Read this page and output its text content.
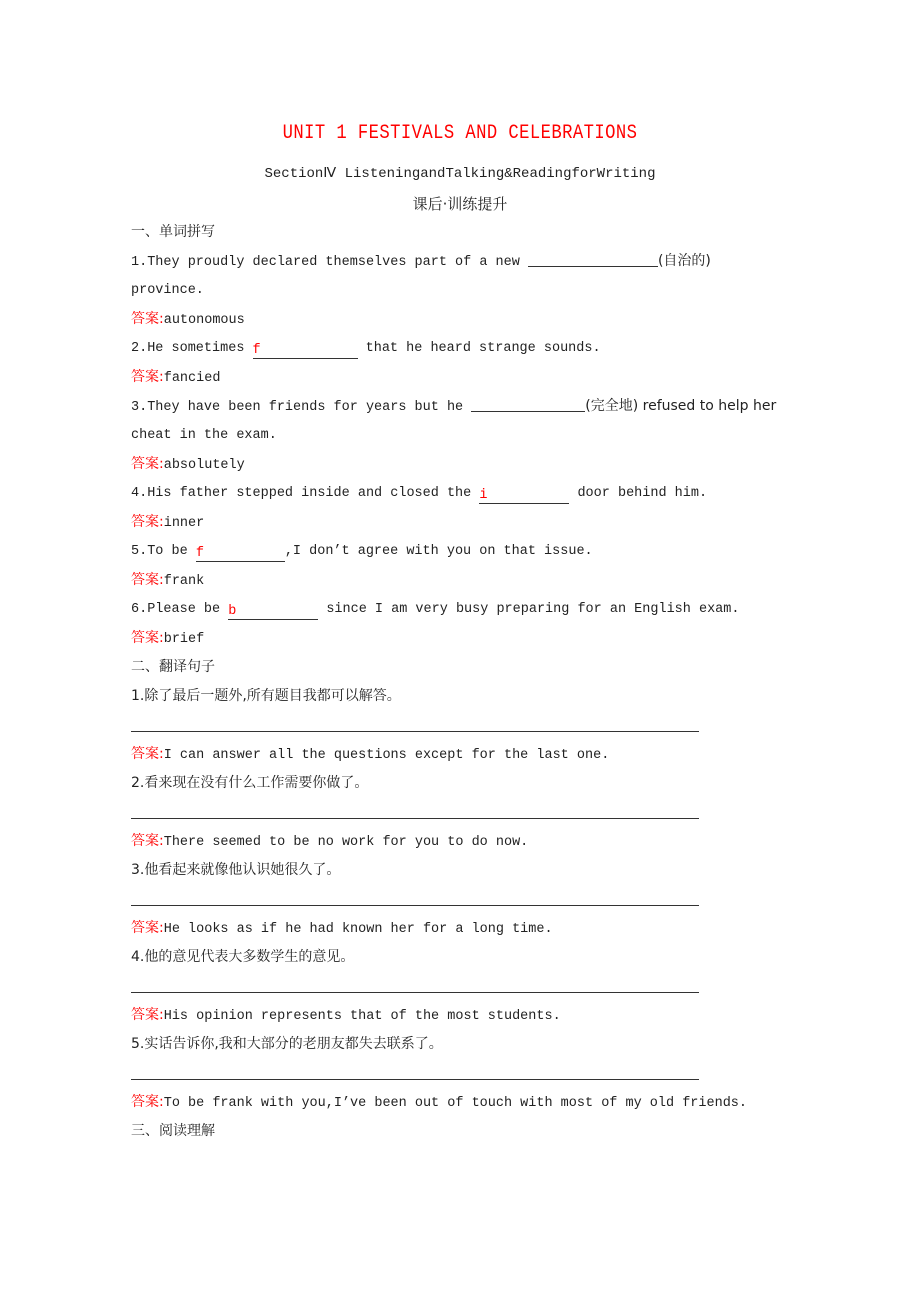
UNIT 1 FESTIVALS AND CELEBRATIONS
SectionⅣ ListeningandTalking&ReadingforWriting
课后·训练提升
一、单词拼写
1.They proudly declared themselves part of a new	(自治的)
province.
答案:autonomous
2.He sometimes f	that he heard strange sounds.
答案:fancied
3.They have been friends for years but he	(完全地) refused to help her
cheat in the exam.
答案:absolutely
4.His father stepped inside and closed the i	door behind him.
答案:inner
5.To be f	,I don’t agree with you on that issue.
答案:frank
6.Please be b	since I am very busy preparing for an English exam.
答案:brief
二、翻译句子
1.除了最后一题外,所有题目我都可以解答。
答案:I can answer all the questions except for the last one.
2.看来现在没有什么工作需要你做了。
答案:There seemed to be no work for you to do now.
3.他看起来就像他认识她很久了。
答案:He looks as if he had known her for a long time.
4.他的意见代表大多数学生的意见。
答案:His opinion represents that of the most students.
5.实话告诉你,我和大部分的老朋友都失去联系了。
答案:To be frank with you,I’ve been out of touch with most of my old friends.
三、阅读理解
